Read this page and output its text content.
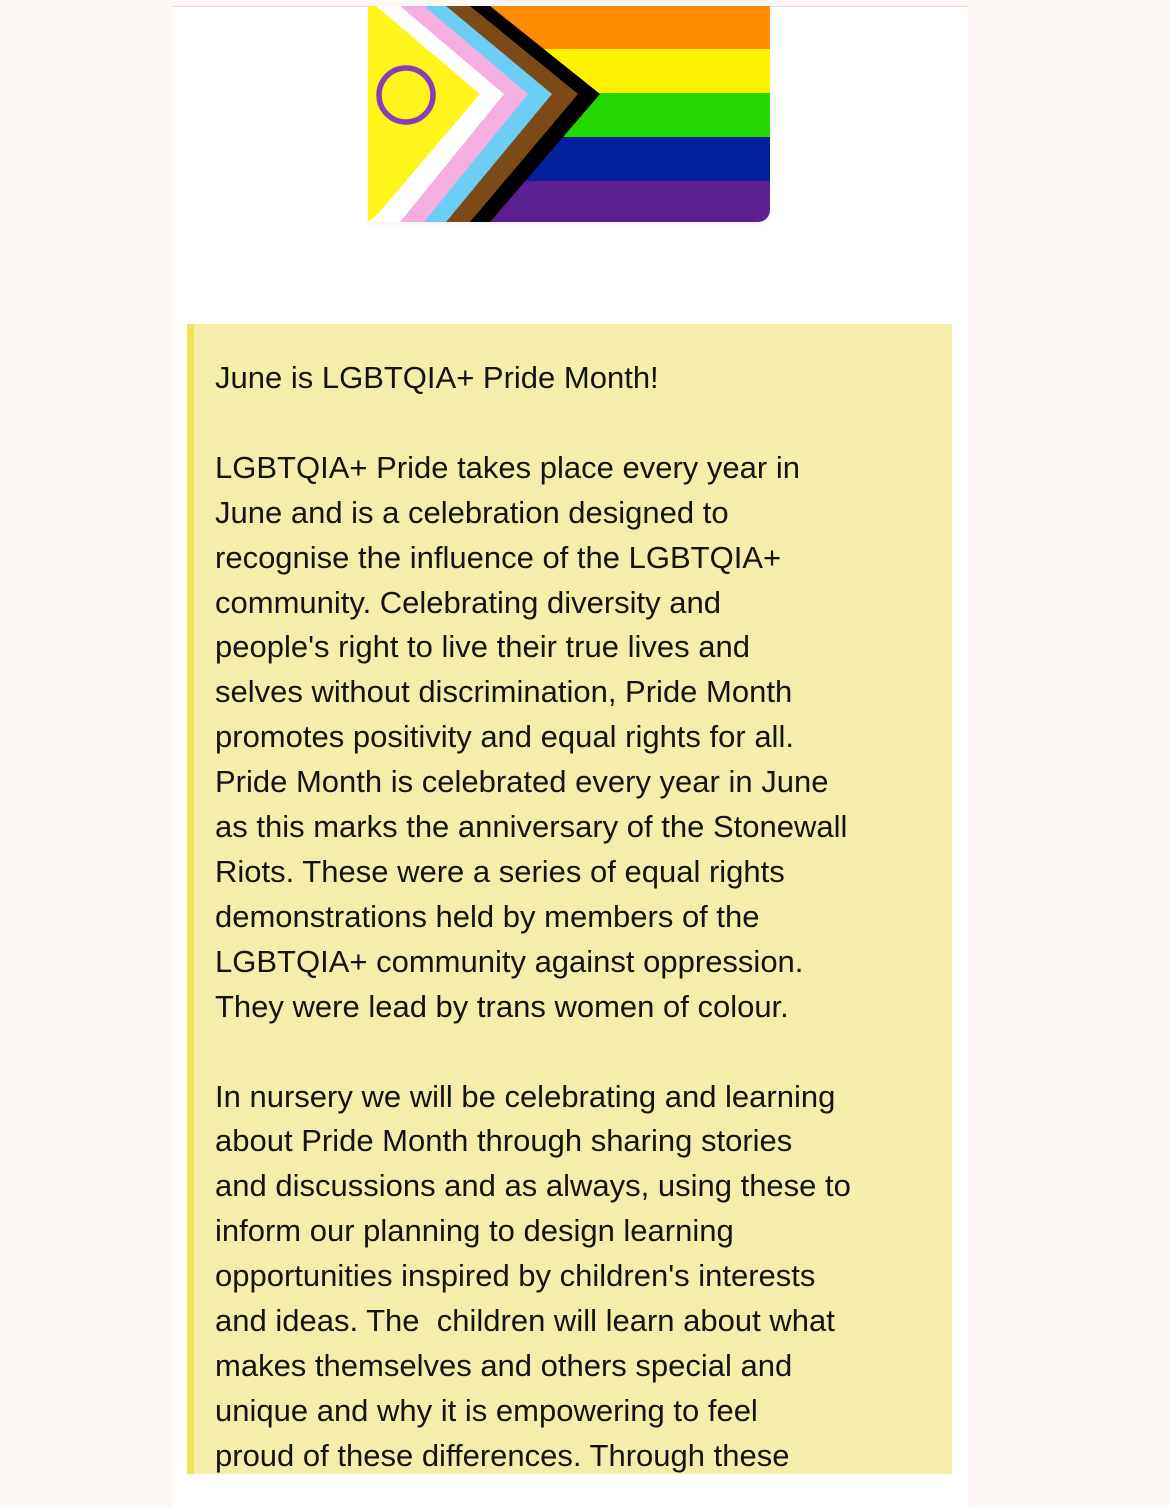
June is LGBTQIA+ Pride Month!

LGBTQIA+ Pride takes place every year in
June and is a celebration designed to
recognise the influence of the LGBTQIA+
community. Celebrating diversity and
people's right to live their true lives and
selves without discrimination, Pride Month
promotes positivity and equal rights for all.
Pride Month is celebrated every year in June
as this marks the anniversary of the Stonewall
Riots. These were a series of equal rights
demonstrations held by members of the
LGBTQIA+ community against oppression.
They were lead by trans women of colour.

In nursery we will be celebrating and learning
about Pride Month through sharing stories
and discussions and as always, using these to
inform our planning to design learning
opportunities inspired by children's interests
and ideas. The  children will learn about what
makes themselves and others special and
unique and why it is empowering to feel
proud of these differences. Through these
